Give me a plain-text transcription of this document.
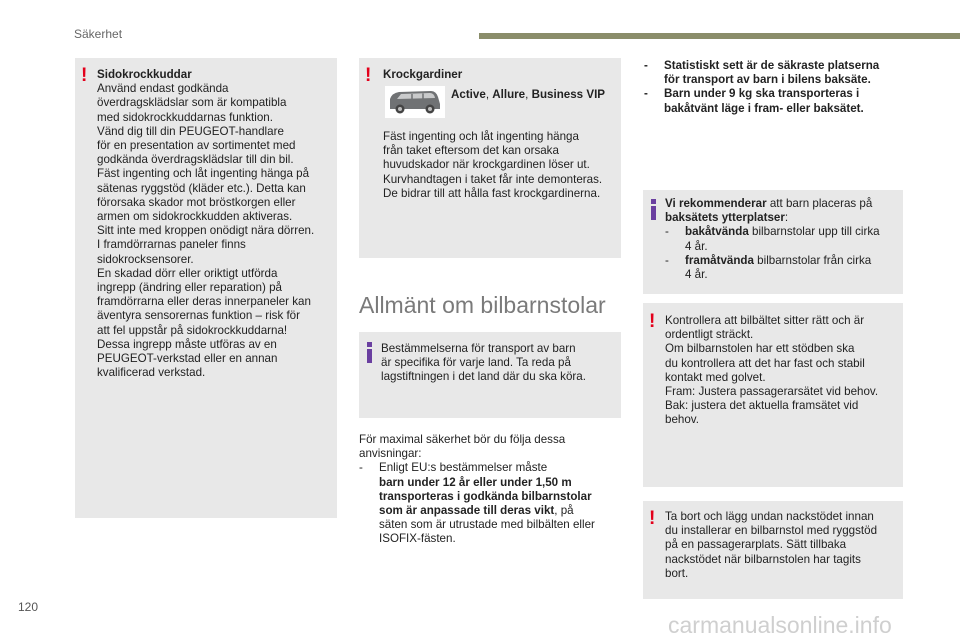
Säkerhet
! Sidokrockkuddar
Använd endast godkända
överdragsklädslar som är kompatibla
med sidokrockkuddarnas funktion.
Vänd dig till din PEUGEOT-handlare
för en presentation av sortimentet med
godkända överdragsklädslar till din bil.
Fäst ingenting och låt ingenting hänga på
sätenas ryggstöd (kläder etc.). Detta kan
förorsaka skador mot bröstkorgen eller
armen om sidokrockkudden aktiveras.
Sitt inte med kroppen onödigt nära dörren.
I framdörrarnas paneler finns
sidokrocksensorer.
En skadad dörr eller oriktigt utförda
ingrepp (ändring eller reparation) på
framdörrarna eller deras innerpaneler kan
äventyra sensorernas funktion – risk för
att fel uppstår på sidokrockkuddarna!
Dessa ingrepp måste utföras av en
PEUGEOT-verkstad eller en annan
kvalificerad verkstad.
! Krockgardiner
Active, Allure, Business VIP
Fäst ingenting och låt ingenting hänga
från taket eftersom det kan orsaka
huvudskador när krockgardinen löser ut.
Kurvhandtagen i taket får inte demonteras.
De bidrar till att hålla fast krockgardinerna.
Allmänt om bilbarnstolar
Bestämmelserna för transport av barn
är specifika för varje land. Ta reda på
lagstiftningen i det land där du ska köra.
För maximal säkerhet bör du följa dessa
anvisningar:
- Enligt EU:s bestämmelser måste
barn under 12 år eller under 1,50 m
transporteras i godkända bilbarnstolar
som är anpassade till deras vikt, på
säten som är utrustade med bilbälten eller
ISOFIX-fästen.
- Statistiskt sett är de säkraste platserna
för transport av barn i bilens baksäte.
- Barn under 9 kg ska transporteras i
bakåtvänt läge i fram- eller baksätet.
Vi rekommenderar att barn placeras på
baksätets ytterplatser:
- bakåtvända bilbarnstolar upp till cirka
4 år.
- framåtvända bilbarnstolar från cirka
4 år.
! Kontrollera att bilbältet sitter rätt och är
ordentligt sträckt.
Om bilbarnstolen har ett stödben ska
du kontrollera att det har fast och stabil
kontakt med golvet.
Fram: Justera passagerarsätet vid behov.
Bak: justera det aktuella framsätet vid
behov.
! Ta bort och lägg undan nackstödet innan
du installerar en bilbarnstol med ryggstöd
på en passagerarplats. Sätt tillbaka
nackstödet när bilbarnstolen har tagits
bort.
120
carmanualsonline.info
